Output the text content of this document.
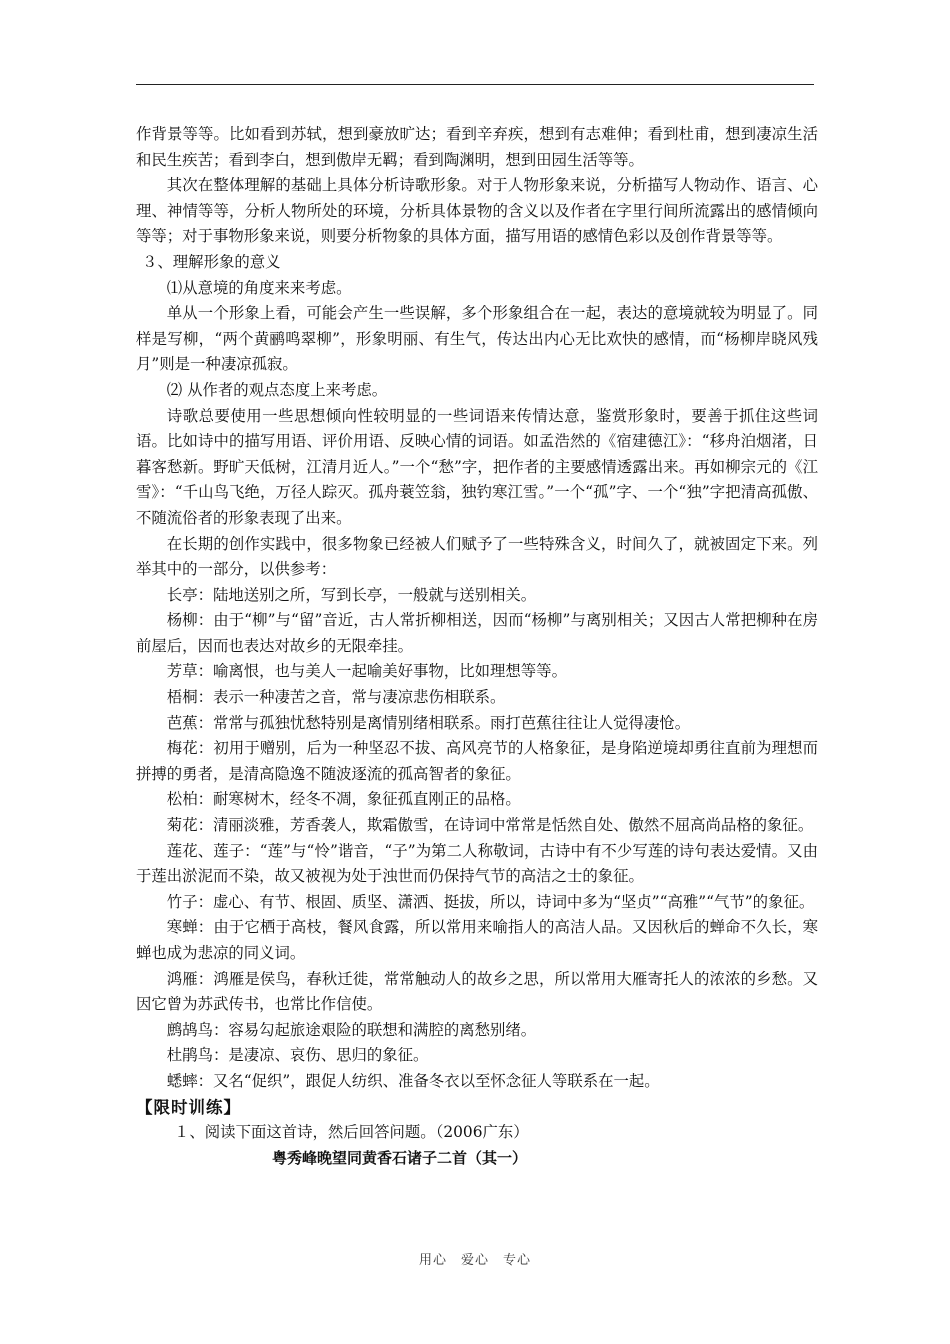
作背景等等。比如看到苏轼，想到豪放旷达；看到辛弃疾，想到有志难伸；看到杜甫，想到凄凉生活和民生疾苦；看到李白，想到傲岸无羁；看到陶渊明，想到田园生活等等。

其次在整体理解的基础上具体分析诗歌形象。对于人物形象来说，分析描写人物动作、语言、心理、神情等等，分析人物所处的环境，分析具体景物的含义以及作者在字里行间所流露出的感情倾向等等；对于事物形象来说，则要分析物象的具体方面，描写用语的感情色彩以及创作背景等等。

３、理解形象的意义

⑴从意境的角度来来考虑。

单从一个形象上看，可能会产生一些误解，多个形象组合在一起，表达的意境就较为明显了。同样是写柳，“两个黄鹂鸣翠柳”，形象明丽、有生气，传达出内心无比欢快的感情，而“杨柳岸晓风残月”则是一种凄凉孤寂。

⑵ 从作者的观点态度上来考虑。

诗歌总要使用一些思想倾向性较明显的一些词语来传情达意，鉴赏形象时，要善于抓住这些词语。比如诗中的描写用语、评价用语、反映心情的词语。如孟浩然的《宿建德江》：“移舟泊烟渚，日暮客愁新。野旷天低树，江清月近人。”一个“愁”字，把作者的主要感情透露出来。再如柳宗元的《江雪》：“千山鸟飞绝，万径人踪灭。孤舟蓑笠翁，独钓寒江雪。”一个“孤”字、一个“独”字把清高孤傲、不随流俗者的形象表现了出来。

在长期的创作实践中，很多物象已经被人们赋予了一些特殊含义，时间久了，就被固定下来。列举其中的一部分，以供参考：

长亭：陆地送别之所，写到长亭，一般就与送别相关。

杨柳：由于“柳”与“留”音近，古人常折柳相送，因而“杨柳”与离别相关；又因古人常把柳种在房前屋后，因而也表达对故乡的无限牵挂。

芳草：喻离恨，也与美人一起喻美好事物，比如理想等等。

梧桐：表示一种凄苦之音，常与凄凉悲伤相联系。

芭蕉：常常与孤独忧愁特别是离情别绪相联系。雨打芭蕉往往让人觉得凄怆。

梅花：初用于赠别，后为一种坚忍不拔、高风亮节的人格象征，是身陷逆境却勇往直前为理想而拼搏的勇者，是清高隐逸不随波逐流的孤高智者的象征。

松柏：耐寒树木，经冬不凋，象征孤直刚正的品格。

菊花：清丽淡雅，芳香袭人，欺霜傲雪，在诗词中常常是恬然自处、傲然不屈高尚品格的象征。

莲花、莲子：“莲”与“怜”谐音，“子”为第二人称敬词，古诗中有不少写莲的诗句表达爱情。又由于莲出淤泥而不染，故又被视为处于浊世而仍保持气节的高洁之士的象征。

竹子：虚心、有节、根固、质坚、潇洒、挺拔，所以，诗词中多为“坚贞”“高雅”“气节”的象征。

寒蝉：由于它栖于高枝，餐风食露，所以常用来喻指人的高洁人品。又因秋后的蝉命不久长，寒蝉也成为悲凉的同义词。

鸿雁：鸿雁是侯鸟，春秋迁徙，常常触动人的故乡之思，所以常用大雁寄托人的浓浓的乡愁。又因它曾为苏武传书，也常比作信使。

鹧鸪鸟：容易勾起旅途艰险的联想和满腔的离愁别绪。

杜鹃鸟：是凄凉、哀伤、思归的象征。

蟋蟀：又名“促织”，跟促人纺织、准备冬衣以至怀念征人等联系在一起。

【限时训练】

１、阅读下面这首诗，然后回答问题。（2006广东）

粤秀峰晚望同黄香石诸子二首（其一）

用心　爱心　专心
